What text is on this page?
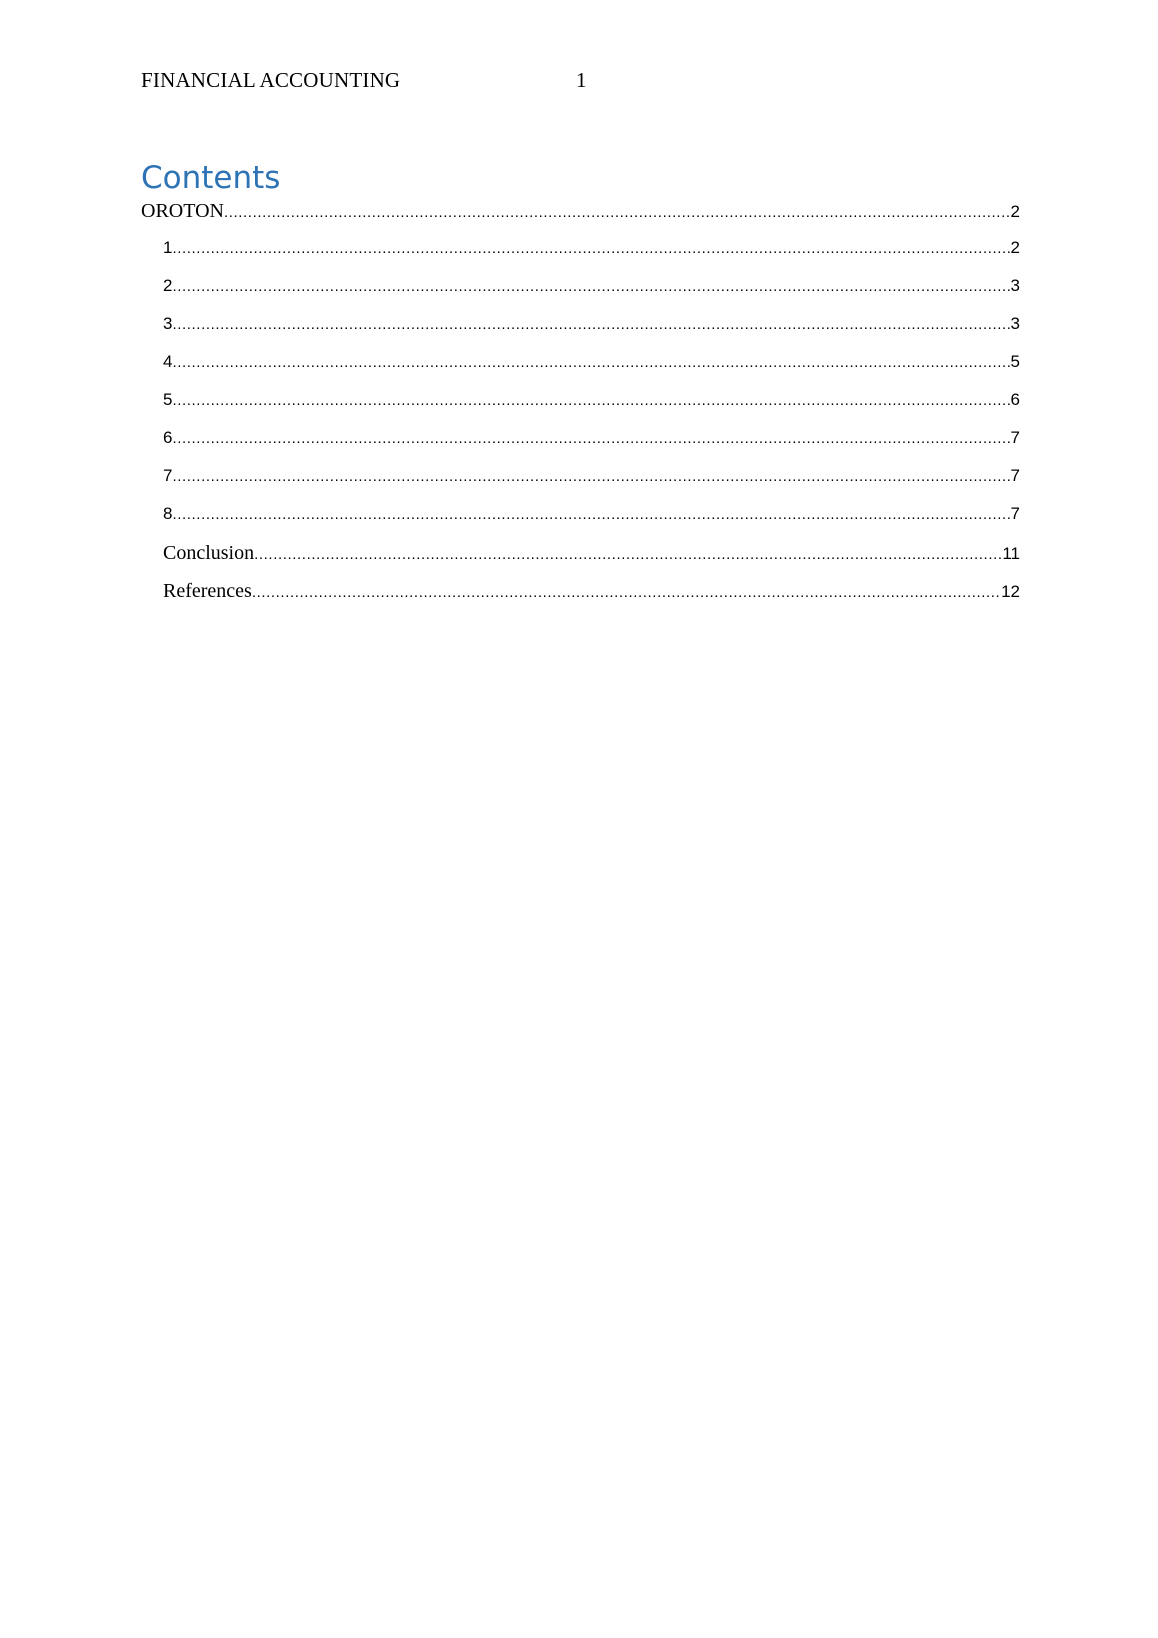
FINANCIAL ACCOUNTING	1
Contents
OROTON .....	2
1 .....	2
2 .....	3
3 .....	3
4 .....	5
5 .....	6
6 .....	7
7 .....	7
8 .....	7
Conclusion .....	11
References .....	12
